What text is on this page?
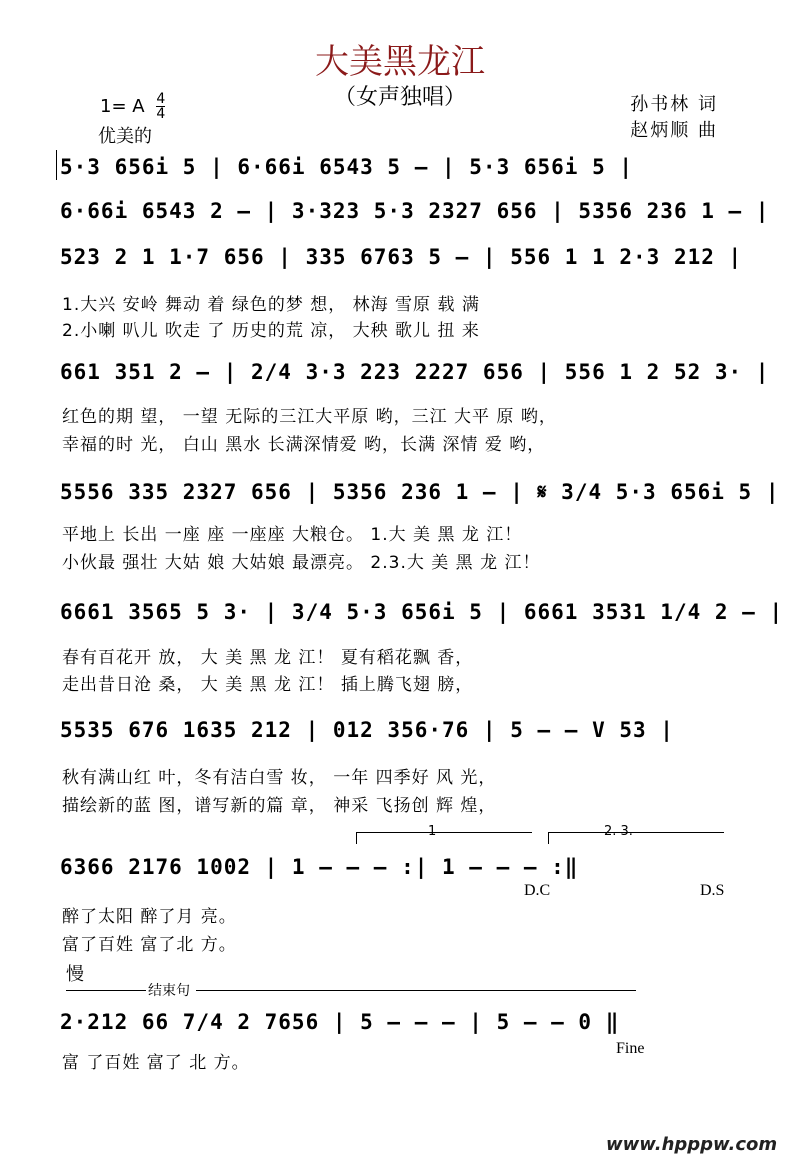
大美黑龙江
（女声独唱）
1= A $\frac{4}{4}$
优美的
孙书林 词
赵炳顺 曲
5·3 656i 5 | 6·66i 6543 5 — | 5·3 656i 5 |
6·66i 6543 2 — | 3·323 5·3 2327 656 | 5356 236 1 — |
523 2 1 1·7 656 | 335 6763 5 — | 556 1 1 2·3 212 |
1.大兴 安岭 舞动 着 绿色的梦 想， 林海 雪原 载 满
2.小喇 叭儿 吹走 了 历史的荒 凉， 大秧 歌儿 扭 来
661 351 2 — | 2/4 3·3 223 2227 656 | 556 1 2 52 3· |
红色的期 望， 一望 无际的三江大平原 哟，三江 大平 原 哟，
幸福的时 光， 白山 黑水 长满深情爱 哟，长满 深情 爱 哟，
5556 335 2327 656 | 5356 236 1 — | 𝄋 3/4 5·3 656i 5 |
平地上 长出 一座 座 一座座 大粮仓。 1.大 美 黑 龙 江！
小伙最 强壮 大姑 娘 大姑娘 最漂亮。 2.3.大 美 黑 龙 江！
6661 3565 5 3· | 3/4 5·3 656i 5 | 6661 3531 1/4 2 — |
春有百花开 放， 大 美 黑 龙 江！ 夏有稻花飘 香，
走出昔日沧 桑， 大 美 黑 龙 江！ 插上腾飞翅 膀，
5535 676 1635 212 | 012 356·76 | 5 — — V 53 |
秋有满山红 叶，冬有洁白雪 妆， 一年 四季好 风 光，
描绘新的蓝 图，谱写新的篇 章， 神采 飞扬创 辉 煌，
1	2. 3.
6366 2176 1002 | 1 — — — :| 1 — — — :‖
D.C	D.S
醉了太阳 醉了月 亮。
富了百姓 富了北 方。
慢
结束句
2·212 66 7/4 2 7656 | 5 — — — | 5 — — 0 ‖
Fine
富 了百姓 富了 北 方。
www.hpppw.com
